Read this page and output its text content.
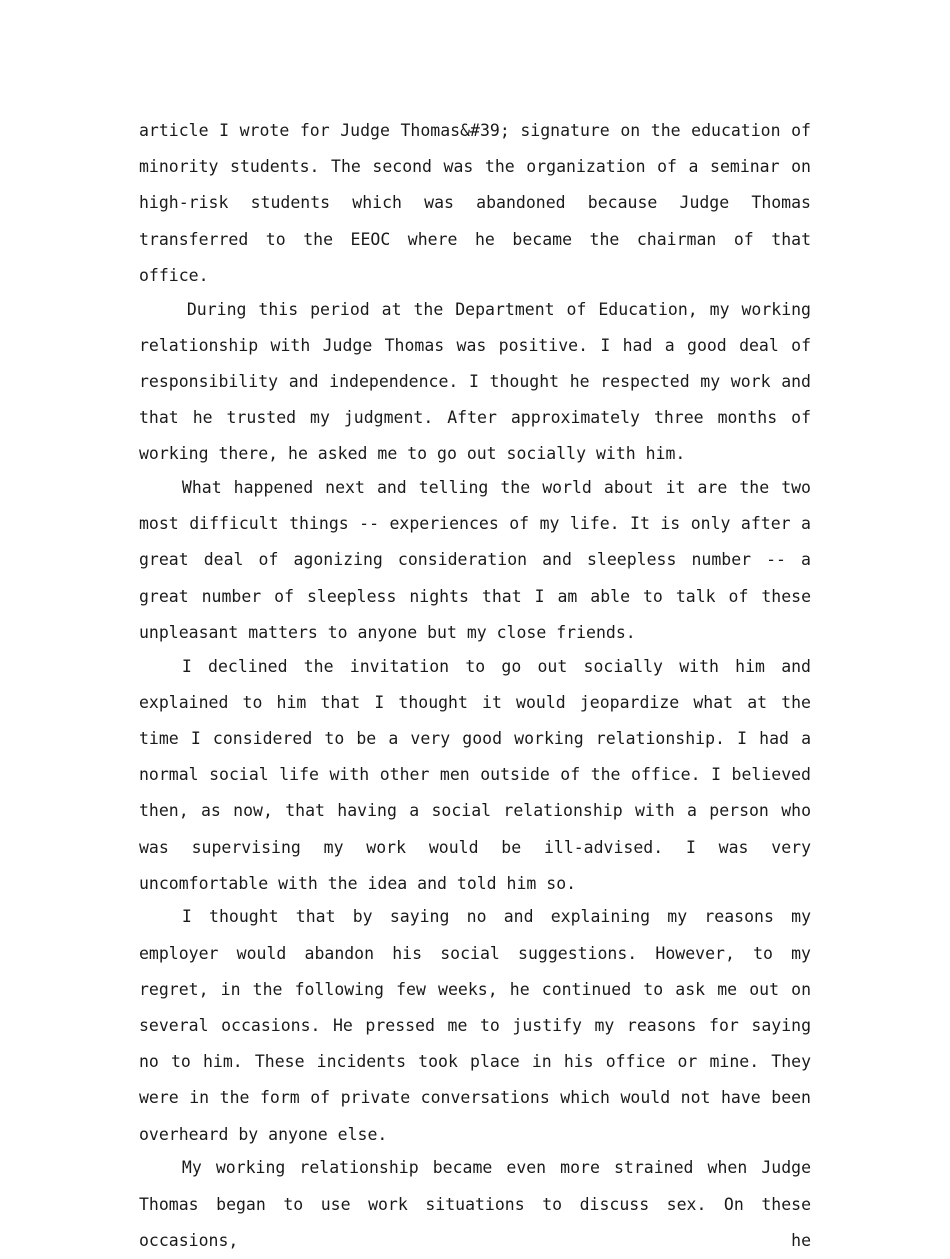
article I wrote for Judge Thomas&#39; signature on the education of minority students. The second was the organization of a seminar on high-risk students which was abandoned because Judge Thomas transferred to the EEOC where he became the chairman of that office.

During this period at the Department of Education, my working relationship with Judge Thomas was positive. I had a good deal of responsibility and independence. I thought he respected my work and that he trusted my judgment. After approximately three months of working there, he asked me to go out socially with him.

What happened next and telling the world about it are the two most difficult things -- experiences of my life. It is only after a great deal of agonizing consideration and sleepless number -- a great number of sleepless nights that I am able to talk of these unpleasant matters to anyone but my close friends.

I declined the invitation to go out socially with him and explained to him that I thought it would jeopardize what at the time I considered to be a very good working relationship. I had a normal social life with other men outside of the office. I believed then, as now, that having a social relationship with a person who was supervising my work would be ill-advised. I was very uncomfortable with the idea and told him so.

I thought that by saying no and explaining my reasons my employer would abandon his social suggestions. However, to my regret, in the following few weeks, he continued to ask me out on several occasions. He pressed me to justify my reasons for saying no to him. These incidents took place in his office or mine. They were in the form of private conversations which would not have been overheard by anyone else.

My working relationship became even more strained when Judge Thomas began to use work situations to discuss sex. On these occasions, he
